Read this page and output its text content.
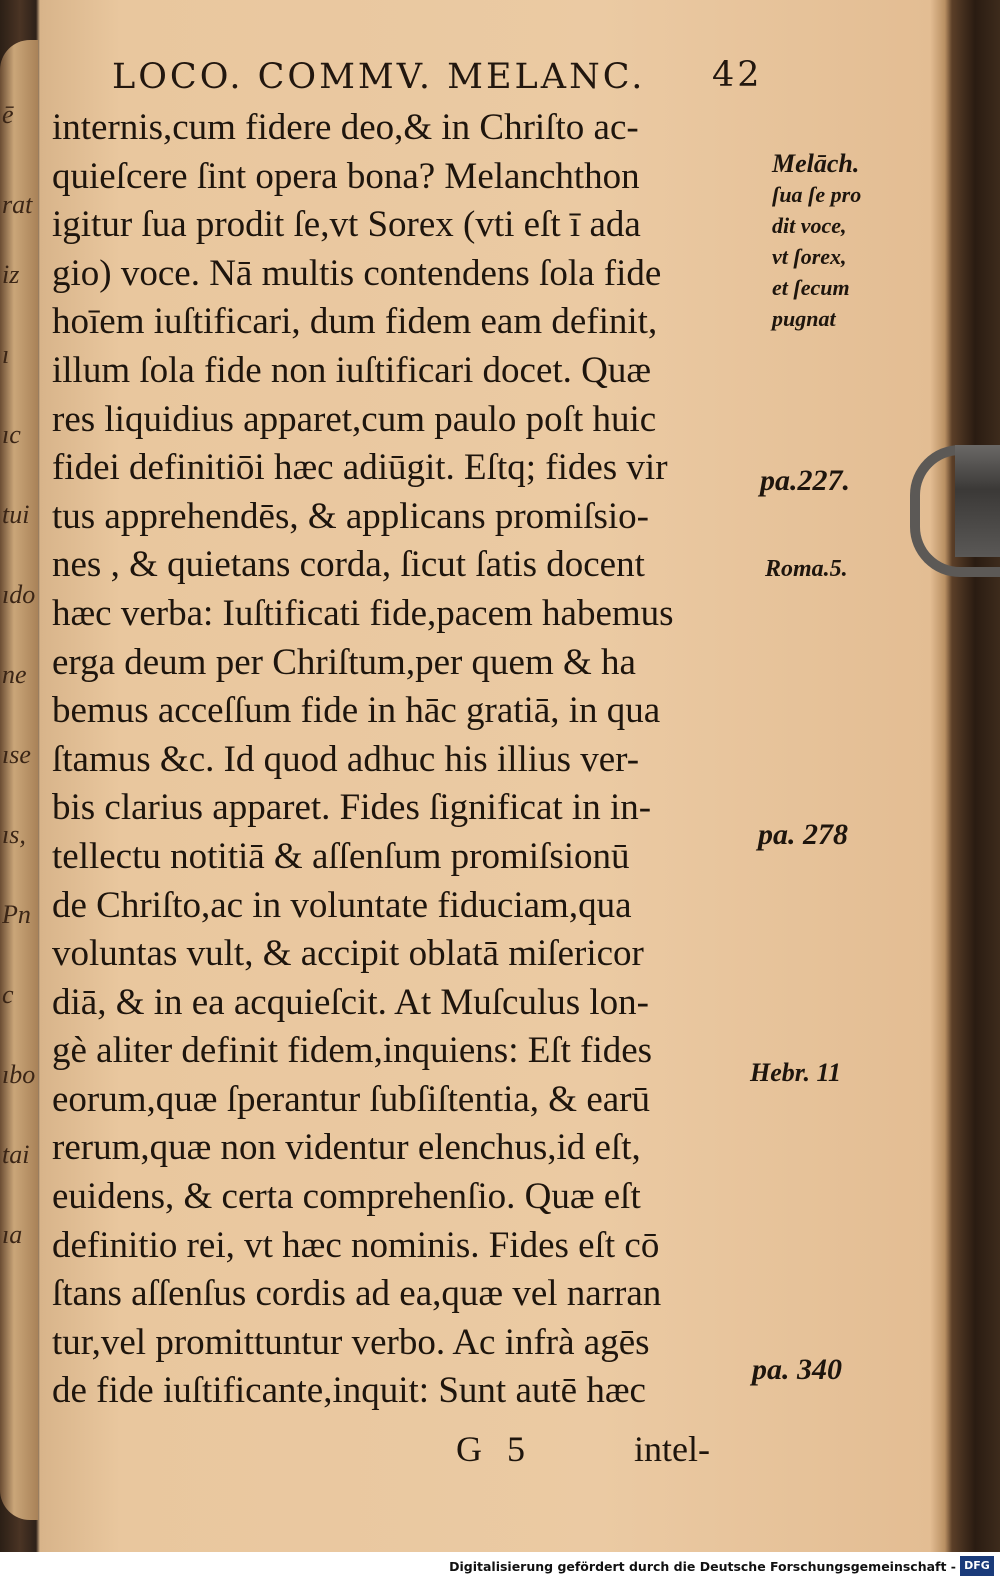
ē
rat
iz
ı
ıc
tui
ıdo
ne
ıse
ıs,
Pn
c
ıbo
tai
ıa
LOCO. COMMV. MELANC. 42
internis,cum fidere deo,& in Chriſto ac-
quieſcere ſint opera bona? Melanchthon
igitur ſua prodit ſe,vt Sorex (vti eſt ī ada
gio) voce. Nā multis contendens ſola fide
hoīem iuſtificari, dum fidem eam definit,
illum ſola fide non iuſtificari docet. Quæ
res liquidius apparet,cum paulo poſt huic
fidei definitiōi hæc adiūgit. Eſtq; fides vir
tus apprehendēs, & applicans promiſsio-
nes , & quietans corda, ſicut ſatis docent
hæc verba: Iuſtificati fide,pacem habemus
erga deum per Chriſtum,per quem & ha
bemus acceſſum fide in hāc gratiā, in qua
ſtamus &c. Id quod adhuc his illius ver-
bis clarius apparet. Fides ſignificat in in-
tellectu notitiā & aſſenſum promiſsionū
de Chriſto,ac in voluntate fiduciam,qua
voluntas vult, & accipit oblatā miſericor
diā, & in ea acquieſcit. At Muſculus lon-
gè aliter definit fidem,inquiens: Eſt fides
eorum,quæ ſperantur ſubſiſtentia, & earū
rerum,quæ non videntur elenchus,id eſt,
euidens, & certa comprehenſio. Quæ eſt
definitio rei, vt hæc nominis. Fides eſt cō
ſtans aſſenſus cordis ad ea,quæ vel narran
tur,vel promittuntur verbo. Ac infrà agēs
de fide iuſtificante,inquit: Sunt autē hæc
Melāch.
ſua ſe pro
dit voce,
vt ſorex,
et ſecum
pugnat
pa.227.
Roma.5.
pa. 278
Hebr. 11
pa. 340
G 5	intel-
Digitalisierung gefördert durch die Deutsche Forschungsgemeinschaft - DFG
